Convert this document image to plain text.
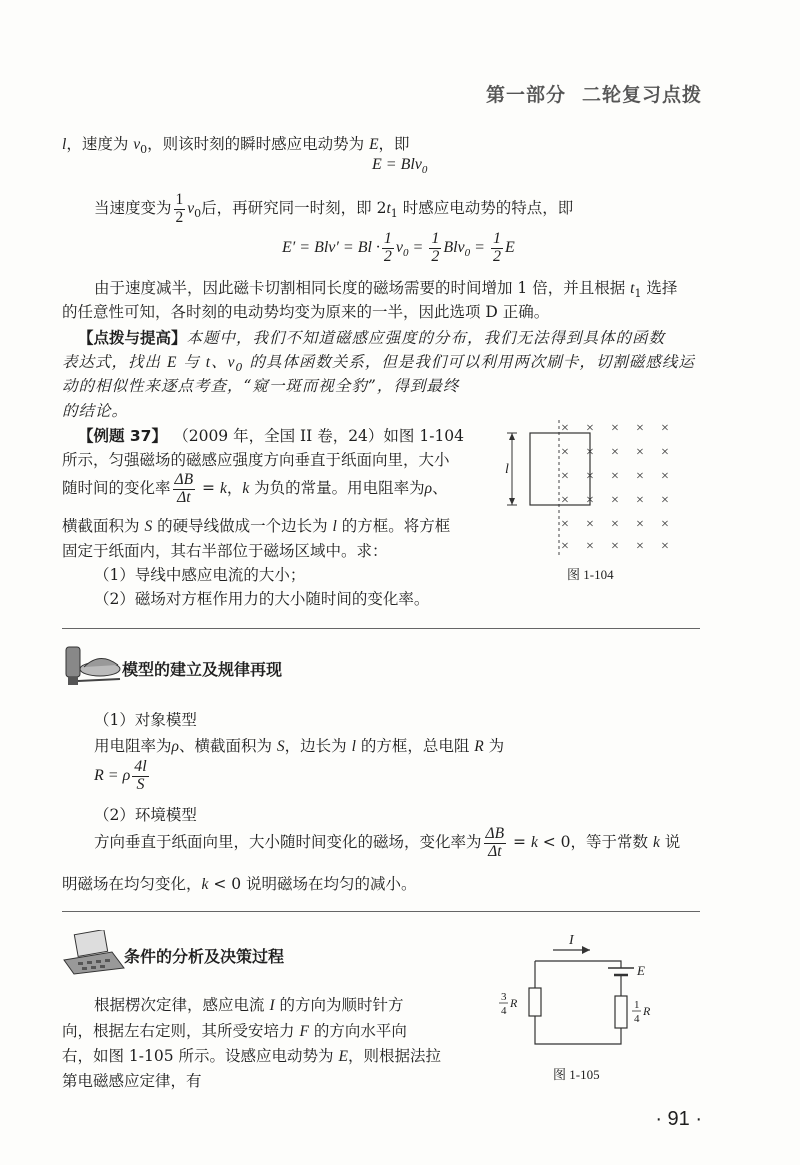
第一部分 二轮复习点拨
l，速度为 $v_0$，则该时刻的瞬时感应电动势为 E，即
E = Blv$_0$
当速度变为 $\frac{1}{2} v_0$后，再研究同一时刻，即 $2t_1$ 时感应电动势的特点，即
$E' = Blv' = Bl \cdot \frac{1}{2} v_0 = \frac{1}{2} Blv_0 = \frac{1}{2}$ E
由于速度减半，因此磁卡切割相同长度的磁场需要的时间增加 1 倍，并且根据 $t_1$ 选择
的任意性可知，各时刻的电动势均变为原来的一半，因此选项 D 正确。
【点拨与提高】本题中，我们不知道磁感应强度的分布，我们无法得到具体的函数
表达式，找出 E 与 t、$v_0$ 的具体函数关系，但是我们可以利用两次刷卡，切割磁感线运
动的相似性来逐点考查，“窥一斑而视全豹”，得到最终
的结论。
【例题 37】 （2009 年，全国 II 卷，24）如图 1-104
所示，匀强磁场的磁感应强度方向垂直于纸面向里，大小
随时间的变化率 $\frac{\Delta B}{\Delta t} = k$，k 为负的常量。用电阻率为ρ、
横截面积为 S 的硬导线做成一个边长为 l 的方框。将方框
固定于纸面内，其右半部位于磁场区域中。求：
（1）导线中感应电流的大小；
（2）磁场对方框作用力的大小随时间的变化率。
× × × × ×
× × × × ×
× × × × ×
× × × × ×
× × × × ×
× × × × ×
l
图 1-104
模型的建立及规律再现
（1）对象模型
用电阻率为ρ、横截面积为 S，边长为 l 的方框，总电阻 R 为
R = ρ $\frac{4l}{S}$
（2）环境模型
方向垂直于纸面向里，大小随时间变化的磁场，变化率为 $\frac{\Delta B}{\Delta t} = k < 0$，等于常数 k 说
明磁场在均匀变化，k < 0 说明磁场在均匀的减小。
条件的分析及决策过程
根据楞次定律，感应电流 I 的方向为顺时针方
向，根据左右定则，其所受安培力 F 的方向水平向
右，如图 1-105 所示。设感应电动势为 E，则根据法拉
第电磁感应定律，有
I
E
3
4
R	1
4
R
图 1-105
· 91 ·
